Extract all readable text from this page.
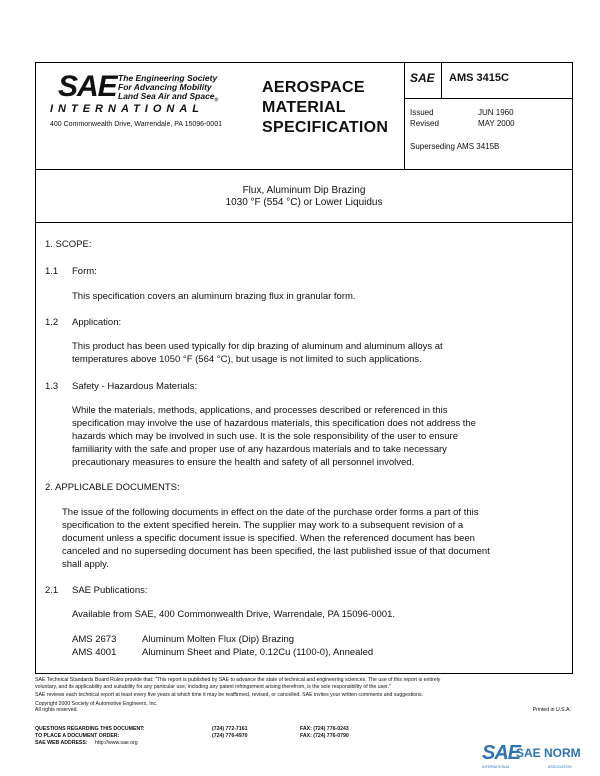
SAE The Engineering Society
For Advancing Mobility
Land Sea Air and Space$_®$
INTERNATIONAL
400 Commonwealth Drive, Warrendale, PA 15096-0001
AEROSPACE
MATERIAL
SPECIFICATION
SAE AMS 3415C
Issued	JUN 1960
Revised	MAY 2000
Superseding AMS 3415B
Flux, Aluminum Dip Brazing
1030 °F (554 °C) or Lower Liquidus
1. SCOPE:
1.1 Form:
This specification covers an aluminum brazing flux in granular form.
1.2 Application:
This product has been used typically for dip brazing of aluminum and aluminum alloys at
temperatures above 1050 °F (564 °C), but usage is not limited to such applications.
1.3 Safety - Hazardous Materials:
While the materials, methods, applications, and processes described or referenced in this
specification may involve the use of hazardous materials, this specification does not address the
hazards which may be involved in such use. It is the sole responsibility of the user to ensure
familiarity with the safe and proper use of any hazardous materials and to take necessary
precautionary measures to ensure the health and safety of all personnel involved.
2. APPLICABLE DOCUMENTS:
The issue of the following documents in effect on the date of the purchase order forms a part of this
specification to the extent specified herein. The supplier may work to a subsequent revision of a
document unless a specific document issue is specified. When the referenced document has been
canceled and no superseding document has been specified, the last published issue of that document
shall apply.
2.1 SAE Publications:
Available from SAE, 400 Commonwealth Drive, Warrendale, PA 15096-0001.
AMS 2673	Aluminum Molten Flux (Dip) Brazing
AMS 4001	Aluminum Sheet and Plate, 0.12Cu (1100-0), Annealed
SAE Technical Standards Board Rules provide that: "This report is published by SAE to advance the state of technical and engineering sciences. The use of this report is entirely
voluntary, and its applicability and suitability for any particular use, including any patent infringement arising therefrom, is the sole responsibility of the user."
SAE reviews each technical report at least every five years at which time it may be reaffirmed, revised, or cancelled. SAE invites your written comments and suggestions.
Copyright 2000 Society of Automotive Engineers, Inc.
All rights reserved.	Printed in U.S.A.
QUESTIONS REGARDING THIS DOCUMENT:	(724) 772-7161	FAX: (724) 776-0243
TO PLACE A DOCUMENT ORDER:	(724) 776-4970	FAX: (724) 776-0790
SAE WEB ADDRESS: http://www.sae.org	SAE
SAE NORM
INTERNATIONAL	ASSOCIATION
